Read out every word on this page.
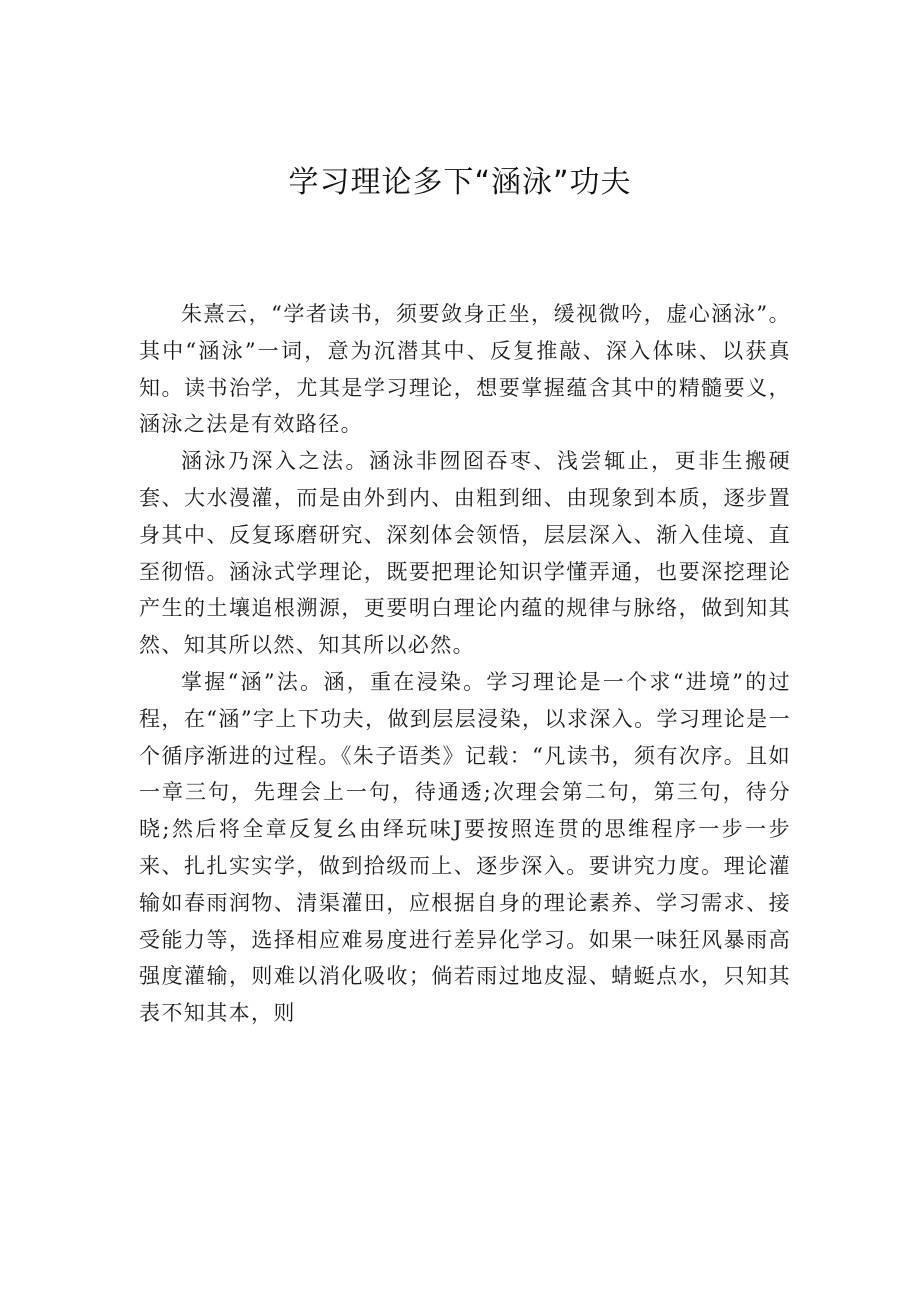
学习理论多下“涵泳”功夫

朱熹云，“学者读书，须要敛身正坐，缓视微吟，虚心涵泳”。其中“涵泳”一词，意为沉潜其中、反复推敲、深入体味、以获真知。读书治学，尤其是学习理论，想要掌握蕴含其中的精髓要义，涵泳之法是有效路径。

涵泳乃深入之法。涵泳非囫囵吞枣、浅尝辄止，更非生搬硬套、大水漫灌，而是由外到内、由粗到细、由现象到本质，逐步置身其中、反复琢磨研究、深刻体会领悟，层层深入、渐入佳境、直至彻悟。涵泳式学理论，既要把理论知识学懂弄通，也要深挖理论产生的土壤追根溯源，更要明白理论内蕴的规律与脉络，做到知其然、知其所以然、知其所以必然。

掌握“涵”法。涵，重在浸染。学习理论是一个求“进境”的过程，在“涵”字上下功夫，做到层层浸染，以求深入。学习理论是一个循序渐进的过程。《朱子语类》记载：“凡读书，须有次序。且如一章三句，先理会上一句，待通透;次理会第二句，第三句，待分晓;然后将全章反复幺由绎玩味J要按照连贯的思维程序一步一步来、扎扎实实学，做到拾级而上、逐步深入。要讲究力度。理论灌输如春雨润物、清渠灌田，应根据自身的理论素养、学习需求、接受能力等，选择相应难易度进行差异化学习。如果一味狂风暴雨高强度灌输，则难以消化吸收；倘若雨过地皮湿、蜻蜓点水，只知其表不知其本，则
